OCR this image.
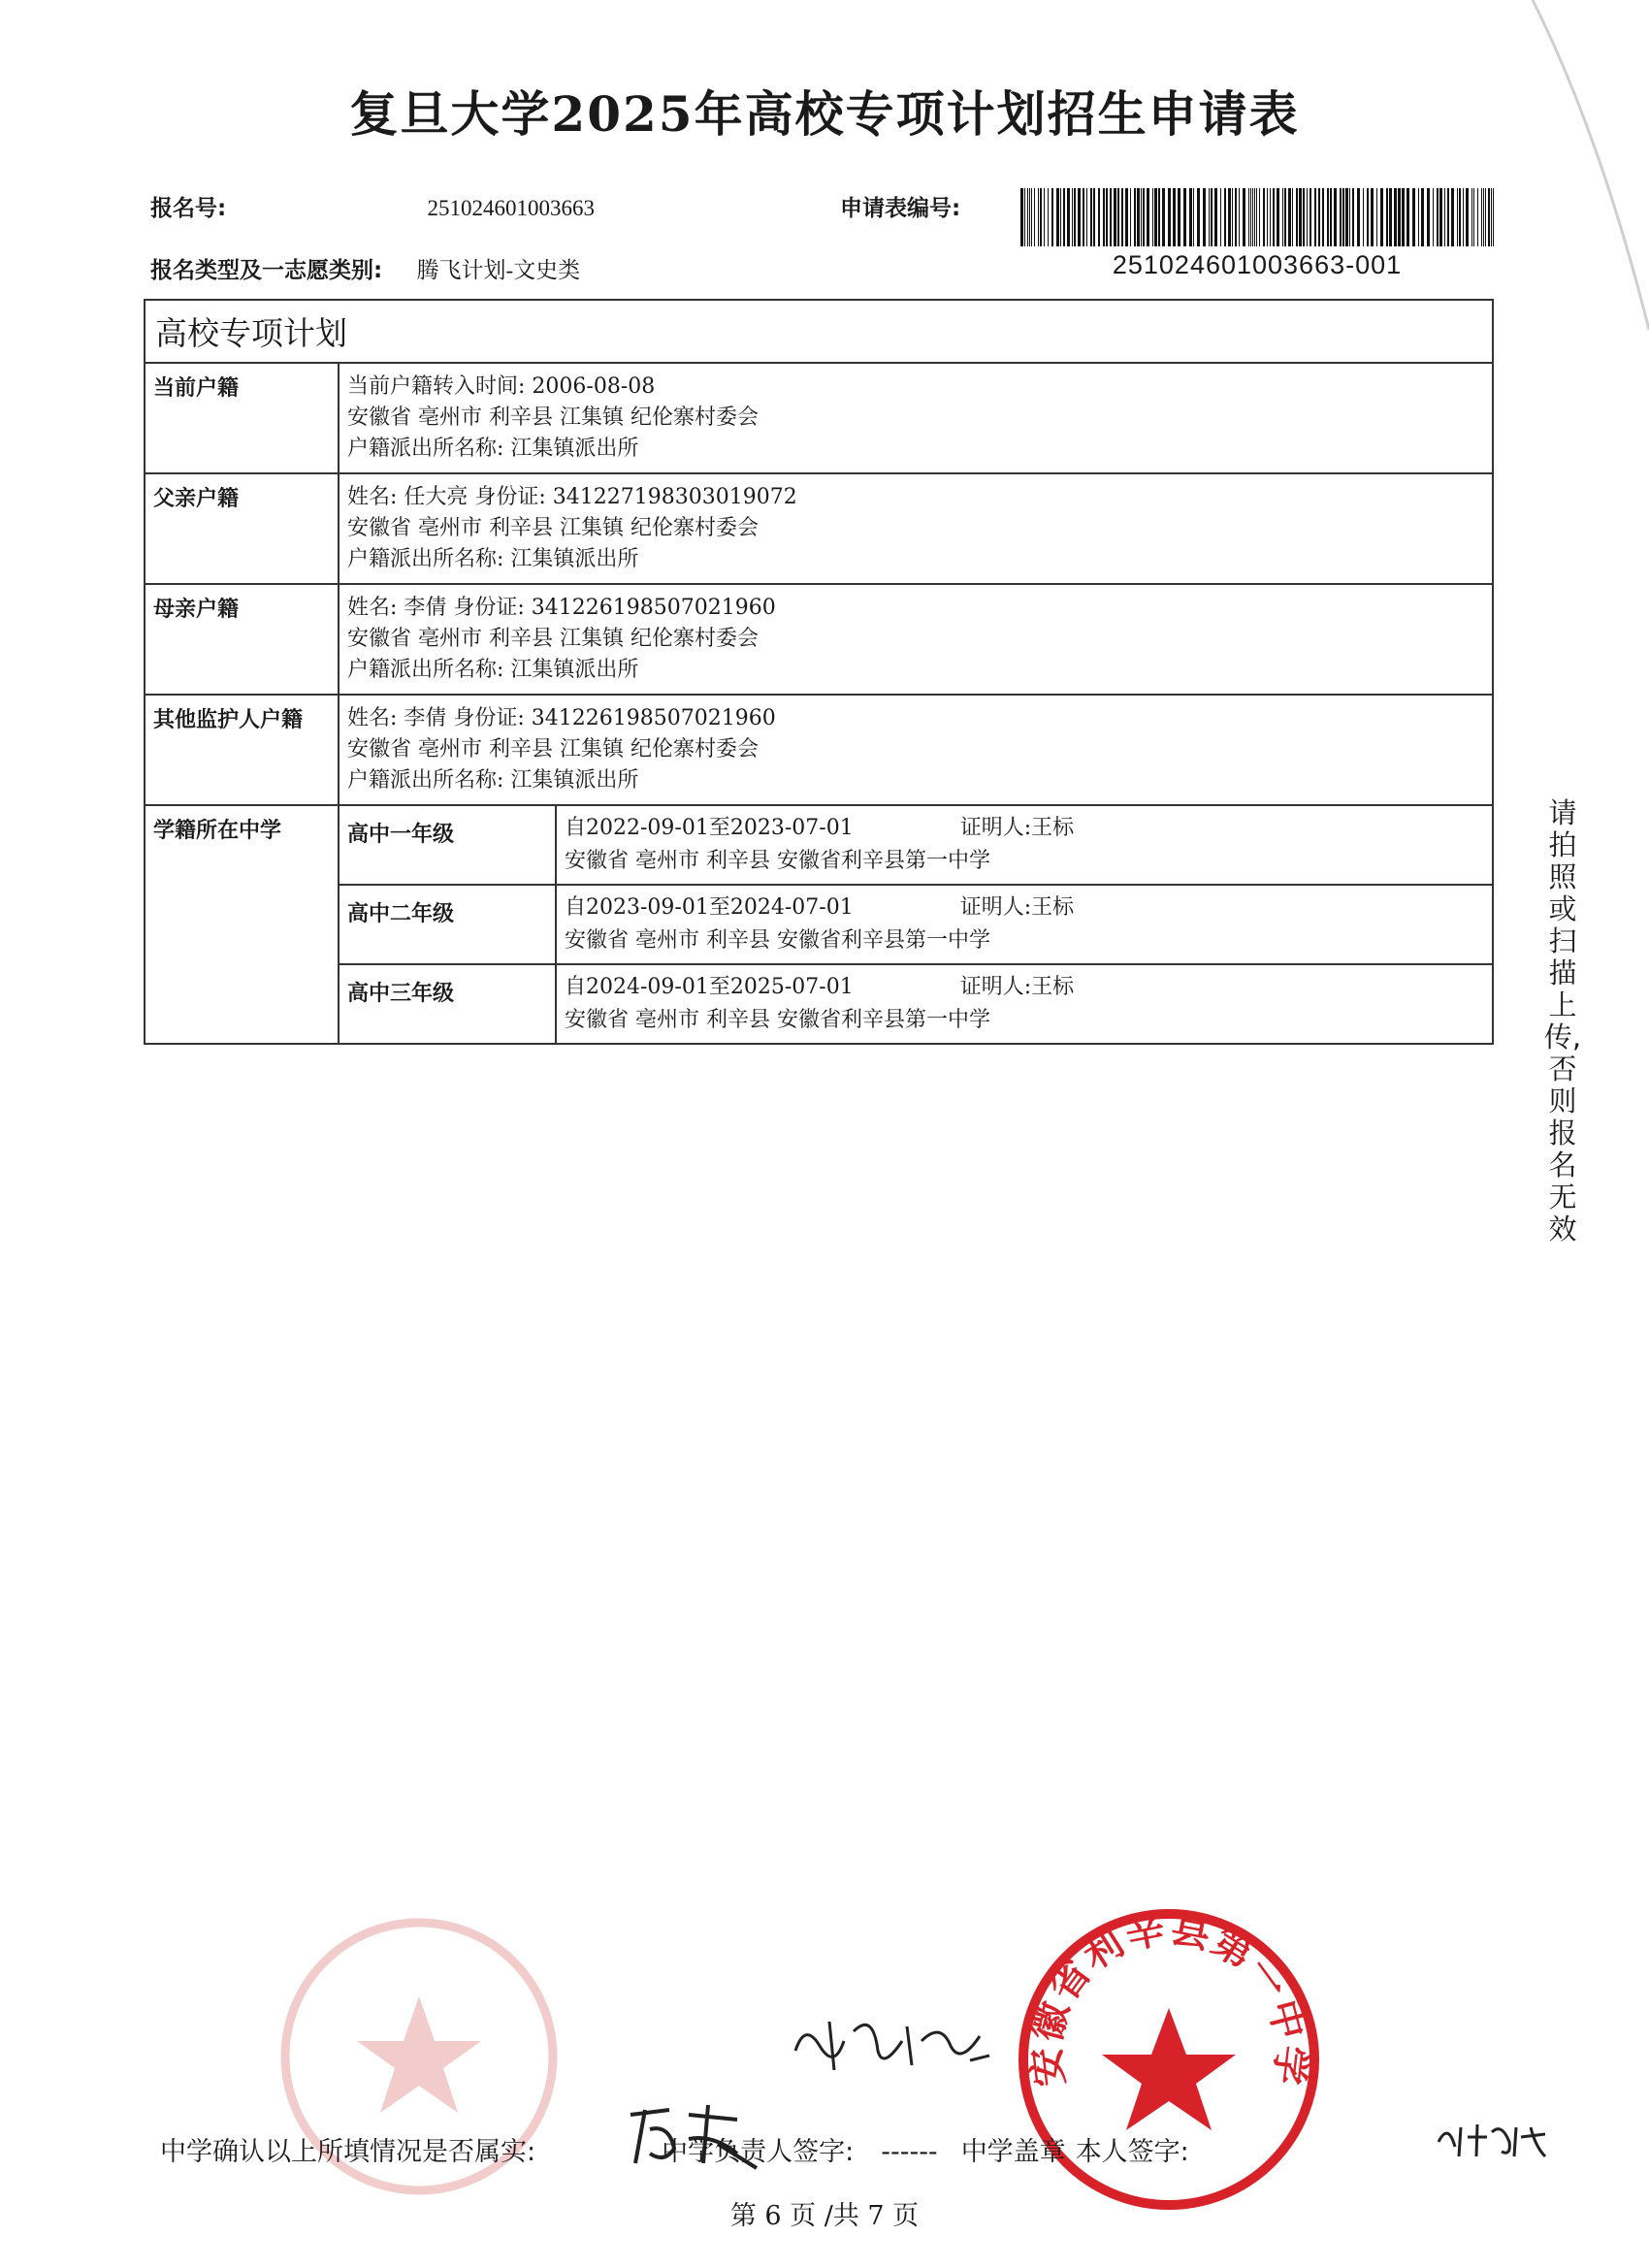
复旦大学2025年高校专项计划招生申请表
报名号:	251024601003663	申请表编号:
报名类型及一志愿类别: 腾飞计划-文史类	251024601003663-001
高校专项计划		
当前户籍	当前户籍转入时间: 2006-08-08
安徽省 亳州市 利辛县 江集镇 纪伦寨村委会
户籍派出所名称: 江集镇派出所	

父亲户籍	姓名: 任大亮 身份证: 341227198303019072
安徽省 亳州市 利辛县 江集镇 纪伦寨村委会
户籍派出所名称: 江集镇派出所	

母亲户籍	姓名: 李倩 身份证: 341226198507021960
安徽省 亳州市 利辛县 江集镇 纪伦寨村委会
户籍派出所名称: 江集镇派出所	

其他监护人户籍	姓名: 李倩 身份证: 341226198507021960
安徽省 亳州市 利辛县 江集镇 纪伦寨村委会
户籍派出所名称: 江集镇派出所	

学籍所在中学	高中一年级	自2022-09-01至2023-07-01 证明人:王标
安徽省 亳州市 利辛县 安徽省利辛县第一中学

	高中二年级	自2023-09-01至2024-07-01 证明人:王标
安徽省 亳州市 利辛县 安徽省利辛县第一中学

	高中三年级	自2024-09-01至2025-07-01 证明人:王标
安徽省 亳州市 利辛县 安徽省利辛县第一中学
请拍照或扫描上传,否则报名无效
安徽省利辛县第一中学
中学确认以上所填情况是否属实:	中学负责人签字: ------ 中学盖章 本人签字:
第 6 页 /共 7 页
